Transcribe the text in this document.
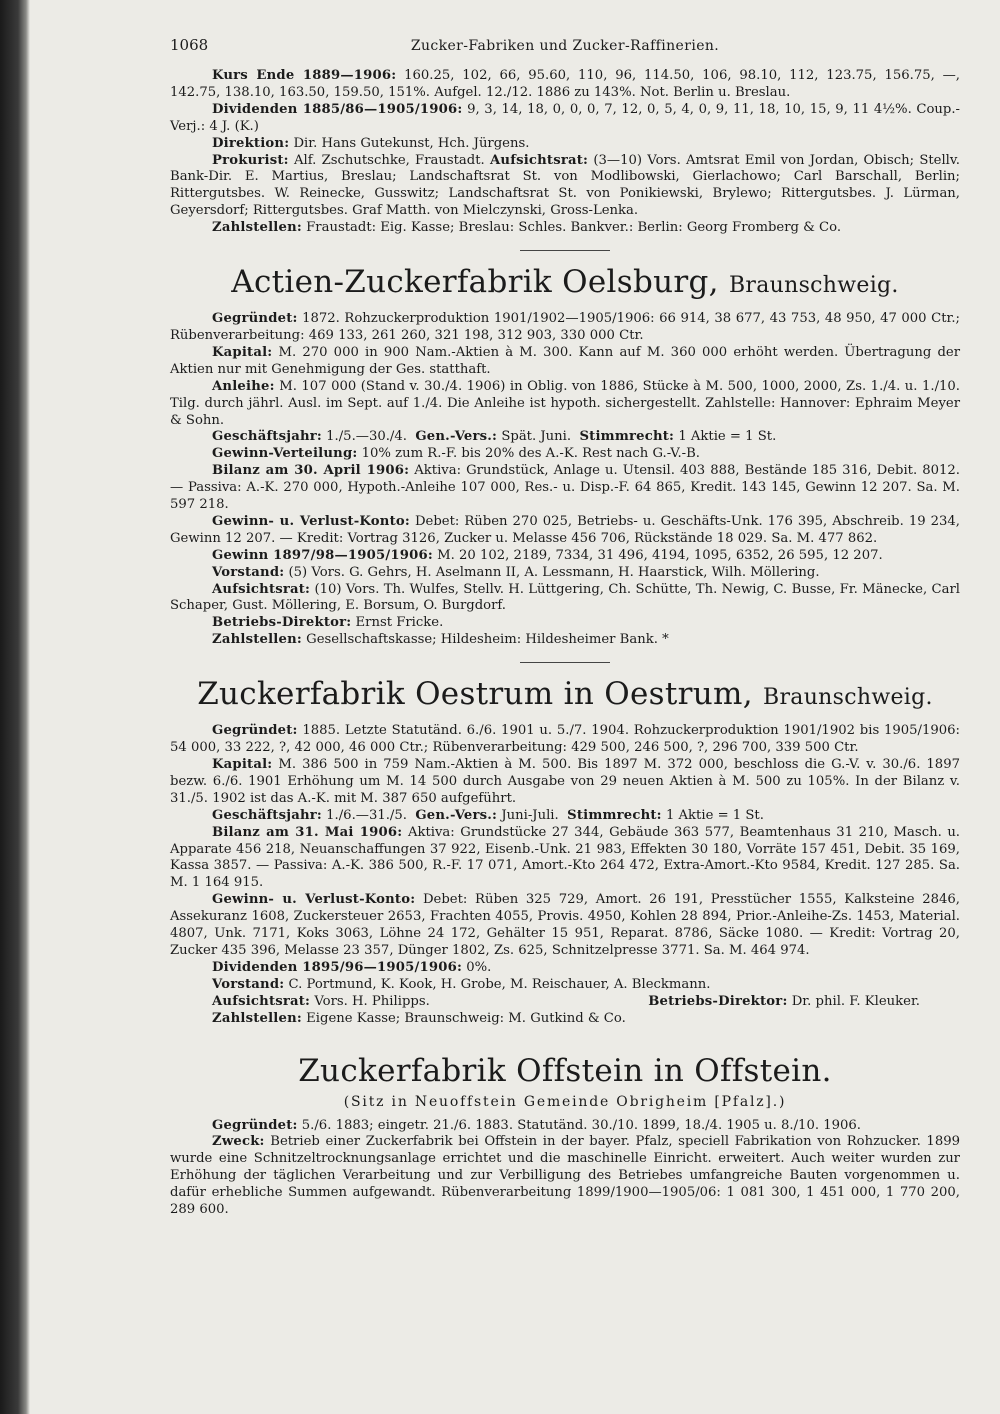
1068	Zucker-Fabriken und Zucker-Raffinerien.

Kurs Ende 1889—1906: 160.25, 102, 66, 95.60, 110, 96, 114.50, 106, 98.10, 112, 123.75, 156.75, —, 142.75, 138.10, 163.50, 159.50, 151%. Aufgel. 12./12. 1886 zu 143%. Not. Berlin u. Breslau.

Dividenden 1885/86—1905/1906: 9, 3, 14, 18, 0, 0, 0, 7, 12, 0, 5, 4, 0, 9, 11, 18, 10, 15, 9, 11 4½%. Coup.-Verj.: 4 J. (K.)

Direktion: Dir. Hans Gutekunst, Hch. Jürgens.

Prokurist: Alf. Zschutschke, Fraustadt. Aufsichtsrat: (3—10) Vors. Amtsrat Emil von Jordan, Obisch; Stellv. Bank-Dir. E. Martius, Breslau; Landschaftsrat St. von Modlibowski, Gierlachowo; Carl Barschall, Berlin; Rittergutsbes. W. Reinecke, Gusswitz; Landschaftsrat St. von Ponikiewski, Brylewo; Rittergutsbes. J. Lürman, Geyersdorf; Rittergutsbes. Graf Matth. von Mielczynski, Gross-Lenka.

Zahlstellen: Fraustadt: Eig. Kasse; Breslau: Schles. Bankver.: Berlin: Georg Fromberg & Co.

Actien-Zuckerfabrik Oelsburg, Braunschweig.

Gegründet: 1872. Rohzuckerproduktion 1901/1902—1905/1906: 66 914, 38 677, 43 753, 48 950, 47 000 Ctr.; Rübenverarbeitung: 469 133, 261 260, 321 198, 312 903, 330 000 Ctr.

Kapital: M. 270 000 in 900 Nam.-Aktien à M. 300. Kann auf M. 360 000 erhöht werden. Übertragung der Aktien nur mit Genehmigung der Ges. statthaft.

Anleihe: M. 107 000 (Stand v. 30./4. 1906) in Oblig. von 1886, Stücke à M. 500, 1000, 2000, Zs. 1./4. u. 1./10. Tilg. durch jährl. Ausl. im Sept. auf 1./4. Die Anleihe ist hypoth. sichergestellt. Zahlstelle: Hannover: Ephraim Meyer & Sohn.

Geschäftsjahr: 1./5.—30./4. Gen.-Vers.: Spät. Juni. Stimmrecht: 1 Aktie = 1 St.

Gewinn-Verteilung: 10% zum R.-F. bis 20% des A.-K. Rest nach G.-V.-B.

Bilanz am 30. April 1906: Aktiva: Grundstück, Anlage u. Utensil. 403 888, Bestände 185 316, Debit. 8012. — Passiva: A.-K. 270 000, Hypoth.-Anleihe 107 000, Res.- u. Disp.-F. 64 865, Kredit. 143 145, Gewinn 12 207. Sa. M. 597 218.

Gewinn- u. Verlust-Konto: Debet: Rüben 270 025, Betriebs- u. Geschäfts-Unk. 176 395, Abschreib. 19 234, Gewinn 12 207. — Kredit: Vortrag 3126, Zucker u. Melasse 456 706, Rückstände 18 029. Sa. M. 477 862.

Gewinn 1897/98—1905/1906: M. 20 102, 2189, 7334, 31 496, 4194, 1095, 6352, 26 595, 12 207.

Vorstand: (5) Vors. G. Gehrs, H. Aselmann II, A. Lessmann, H. Haarstick, Wilh. Möllering.

Aufsichtsrat: (10) Vors. Th. Wulfes, Stellv. H. Lüttgering, Ch. Schütte, Th. Newig, C. Busse, Fr. Mänecke, Carl Schaper, Gust. Möllering, E. Borsum, O. Burgdorf.

Betriebs-Direktor: Ernst Fricke.

Zahlstellen: Gesellschaftskasse; Hildesheim: Hildesheimer Bank. *

Zuckerfabrik Oestrum in Oestrum, Braunschweig.

Gegründet: 1885. Letzte Statutänd. 6./6. 1901 u. 5./7. 1904. Rohzuckerproduktion 1901/1902 bis 1905/1906: 54 000, 33 222, ?, 42 000, 46 000 Ctr.; Rübenverarbeitung: 429 500, 246 500, ?, 296 700, 339 500 Ctr.

Kapital: M. 386 500 in 759 Nam.-Aktien à M. 500. Bis 1897 M. 372 000, beschloss die G.-V. v. 30./6. 1897 bezw. 6./6. 1901 Erhöhung um M. 14 500 durch Ausgabe von 29 neuen Aktien à M. 500 zu 105%. In der Bilanz v. 31./5. 1902 ist das A.-K. mit M. 387 650 aufgeführt.

Geschäftsjahr: 1./6.—31./5. Gen.-Vers.: Juni-Juli. Stimmrecht: 1 Aktie = 1 St.

Bilanz am 31. Mai 1906: Aktiva: Grundstücke 27 344, Gebäude 363 577, Beamtenhaus 31 210, Masch. u. Apparate 456 218, Neuanschaffungen 37 922, Eisenb.-Unk. 21 983, Effekten 30 180, Vorräte 157 451, Debit. 35 169, Kassa 3857. — Passiva: A.-K. 386 500, R.-F. 17 071, Amort.-Kto 264 472, Extra-Amort.-Kto 9584, Kredit. 127 285. Sa. M. 1 164 915.

Gewinn- u. Verlust-Konto: Debet: Rüben 325 729, Amort. 26 191, Presstücher 1555, Kalksteine 2846, Assekuranz 1608, Zuckersteuer 2653, Frachten 4055, Provis. 4950, Kohlen 28 894, Prior.-Anleihe-Zs. 1453, Material. 4807, Unk. 7171, Koks 3063, Löhne 24 172, Gehälter 15 951, Reparat. 8786, Säcke 1080. — Kredit: Vortrag 20, Zucker 435 396, Melasse 23 357, Dünger 1802, Zs. 625, Schnitzelpresse 3771. Sa. M. 464 974.

Dividenden 1895/96—1905/1906: 0%.

Vorstand: C. Portmund, K. Kook, H. Grobe, M. Reischauer, A. Bleckmann.

Aufsichtsrat: Vors. H. Philipps.	Betriebs-Direktor: Dr. phil. F. Kleuker.

Zahlstellen: Eigene Kasse; Braunschweig: M. Gutkind & Co.

Zuckerfabrik Offstein in Offstein.
(Sitz in Neuoffstein Gemeinde Obrigheim [Pfalz].)

Gegründet: 5./6. 1883; eingetr. 21./6. 1883. Statutänd. 30./10. 1899, 18./4. 1905 u. 8./10. 1906.

Zweck: Betrieb einer Zuckerfabrik bei Offstein in der bayer. Pfalz, speciell Fabrikation von Rohzucker. 1899 wurde eine Schnitzeltrocknungsanlage errichtet und die maschinelle Einricht. erweitert. Auch weiter wurden zur Erhöhung der täglichen Verarbeitung und zur Verbilligung des Betriebes umfangreiche Bauten vorgenommen u. dafür erhebliche Summen aufgewandt. Rübenverarbeitung 1899/1900—1905/06: 1 081 300, 1 451 000, 1 770 200, 289 600.
